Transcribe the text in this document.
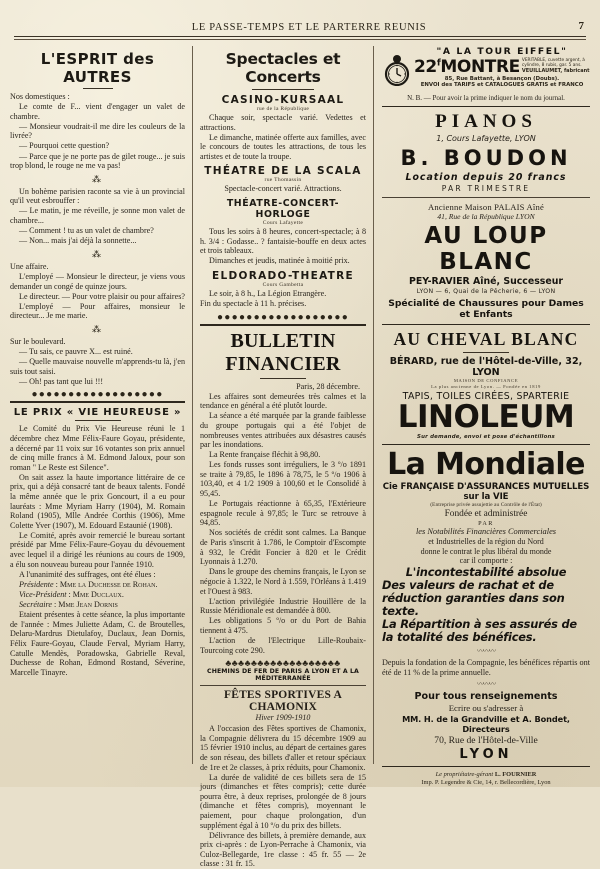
LE PASSE-TEMPS ET LE PARTERRE REUNIS	7
L'ESPRIT des AUTRES

Nos domestiques :

Le comte de F... vient d'engager un valet de chambre.

— Monsieur voudrait-il me dire les couleurs de la livrée?

— Pourquoi cette question?

— Parce que je ne porte pas de gilet rouge... je suis trop blond, le rouge ne me va pas!

⁂

Un bohème parisien raconte sa vie à un provincial qu'il veut esbrouffer :

— Le matin, je me réveille, je sonne mon valet de chambre...

— Comment ! tu as un valet de chambre?

— Non... mais j'ai déjà la sonnette...

⁂

Une affaire.

L'employé — Monsieur le directeur, je viens vous demander un congé de quinze jours.

Le directeur. — Pour votre plaisir ou pour affaires?

L'employé — Pour affaires, monsieur le directeur... Je me marie.

⁂

Sur le boulevard.

— Tu sais, ce pauvre X... est ruiné.

— Quelle mauvaise nouvelle m'apprends-tu là, j'en suis tout saisi.

— Oh! pas tant que lui !!!

●●●●●●●●●●●●●●●●●●
LE PRIX « VIE HEUREUSE »

Le Comité du Prix Vie Heureuse réuni le 1 décembre chez Mme Félix-Faure Goyau, présidente, a décerné par 11 voix sur 16 votantes son prix annuel de cinq mille francs à M. Edmond Jaloux, pour son roman " Le Reste est Silence".

On sait assez la haute importance littéraire de ce prix, qui a déjà consacré tant de beaux talents. Fondé la même année que le prix Goncourt, il a eu pour lauréats : Mme Myriam Harry (1904), M. Romain Roland (1905), Mlle Andrée Corthis (1906), Mme Colette Yver (1907), M. Edouard Estaunié (1908).

Le Comité, après avoir remercié le bureau sortant présidé par Mme Félix-Faure-Goyau du dévouement avec lequel il a dirigé les réunions au cours de 1909, a élu son nouveau bureau pour l'année 1910.

A l'unanimité des suffrages, ont été élues :

Présidente : Mme la Duchesse de Rohan.

Vice-Président : Mme Duclaux.

Secrétaire : Mme Jean Dornis

Etaient présentes à cette séance, la plus importante de l'année : Mmes Juliette Adam, C. de Broutelles, Delaru-Mardrus Dietulafoy, Duclaux, Jean Dornis, Félix Faure-Goyau, Claude Ferval, Myriam Harry, Catulle Mendès, Poradowska, Gabrielle Reval, Duchesse de Rohan, Edmond Rostand, Séverine, Marcelle Tinayre.

Spectacles et Concerts
CASINO-KURSAAL
rue de la République

Chaque soir, spectacle varié. Vedettes et attractions.

Le dimanche, matinée offerte aux familles, avec le concours de toutes les attractions, de tous les artistes et de toute la troupe.

THÉATRE DE LA SCALA
rue Thomassin

Spectacle-concert varié. Attractions.

THÉATRE-CONCERT-HORLOGE
Cours Lafayette

Tous les soirs à 8 heures, concert-spectacle; à 8 h. 3/4 : Godasse.. ? fantaisie-bouffe en deux actes et trois tableaux.

Dimanches et jeudis, matinée à moitié prix.

ELDORADO-THEATRE
Cours Gambetta

Le soir, à 8 h., La Légion Etrangère.

Fin du spectacle à 11 h. précises.

●●●●●●●●●●●●●●●●●●
BULLETIN FINANCIER
Paris, 28 décembre.

Les affaires sont demeurées très calmes et la tendance en général a été plutôt lourde.

La séance a été marquée par la grande faiblesse du groupe portugais qui a été l'objet de nombreuses ventes attribuées aux désastres causés par les inondations.

La Rente française fléchit à 98,80.

Les fonds russes sont irréguliers, le 3 º/o 1891 se traite à 79,85, le 1896 à 78,75, le 5 º/o 1906 à 103,40, et 4 1/2 1909 à 100,60 et le Consolidé à 95,45.

Le Portugais réactionne à 65,35, l'Extérieure espagnole recule à 97,85; le Turc se retrouve à 94,85.

Nos sociétés de crédit sont calmes. La Banque de Paris s'inscrit à 1.786, le Comptoir d'Escompte à 932, le Crédit Foncier à 820 et le Crédit Lyonnais à 1.270.

Dans le groupe des chemins français, le Lyon se négocie à 1.322, le Nord à 1.559, l'Orléans à 1.419 et l'Ouest à 983.

L'action privilégiée Industrie Houillère de la Russie Méridionale est demandée à 800.

Les obligations 5 º/o or du Port de Bahia tiennent à 475.

L'action de l'Electrique Lille-Roubaix-Tourcoing cote 290.

♣♣♣♣♣♣♣♣♣♣♣♣♣♣♣♣♣♣
CHEMINS DE FER DE PARIS A LYON ET A LA MÉDITERRANÉE
FÊTES SPORTIVES A CHAMONIX
Hiver 1909-1910

A l'occasion des Fêtes sportives de Chamonix, la Compagnie délivrera du 15 décembre 1909 au 15 février 1910 inclus, au départ de certaines gares de son réseau, des billets d'aller et retour spéciaux de 1re et 2e classes, à prix réduits, pour Chamonix.

La durée de validité de ces billets sera de 15 jours (dimanches et fêtes compris); cette durée pourra être, à deux reprises, prolongée de 8 jours (dimanche et fêtes compris), moyennant le paiement, pour chaque prolongation, d'un supplément égal à 10 º/o du prix des billets.

Délivrance des billets, à première demande, aux prix ci-après : de Lyon-Perrache à Chamonix, via Culoz-Bellegarde, 1re classe : 45 fr. 55 — 2e classe : 31 fr. 15.

"A LA TOUR EIFFEL"
22$^f$MONTRE VERITABLE, cuvette argent, à cylindre, 8 rubis, gar. 5 ans.
VEUILLAUMET, fabricant
85, Rue Battant, à Besançon (Doubs).
ENVOI des TARIFS et CATALOGUES GRATIS et FRANCO
N. B. — Pour avoir la prime indiquer le nom du journal.
PIANOS
1, Cours Lafayette, LYON
B. BOUDON
Location depuis 20 francs
PAR TRIMESTRE
Ancienne Maison PALAIS Aîné
41, Rue de la République LYON
AU LOUP BLANC
PEY-RAVIER Aîné, Successeur
LYON — 6, Quai de la Pêcherie, 6 — LYON
Spécialité de Chaussures pour Dames et Enfants
AU CHEVAL BLANC
BÉRARD, rue de l'Hôtel-de-Ville, 32, LYON
MAISON DE CONFIANCE
La plus ancienne de Lyon. — Fondée en 1819
TAPIS, TOILES CIRÉES, SPARTERIE
LINOLEUM
Sur demande, envoi et pose d'échantillons
La Mondiale
Cie FRANÇAISE D'ASSURANCES MUTUELLES sur la VIE
(Entreprise privée assujettie au Contrôle de l'État)
Fondée et administrée
PAR
les Notabilités Financières Commerciales
et Industrielles de la région du Nord
donne le contrat le plus libéral du monde
car il comporte :
L'incontestabilité absolue
Des valeurs de rachat et de réduction garanties dans son texte.
La Répartition à ses assurés de la totalité des bénéfices.
〰〰〰
Depuis la fondation de la Compagnie, les bénéfices répartis ont été de 11 % de la prime annuelle.
〰〰〰
Pour tous renseignements
Ecrire ou s'adresser à
MM. H. de la Grandville et A. Bondet, Directeurs
70, Rue de l'Hôtel-de-Ville
LYON
Le propriétaire-gérant L. FOURNIER
Imp. P. Legendre & Cie, 14, r. Bellecordière, Lyon
